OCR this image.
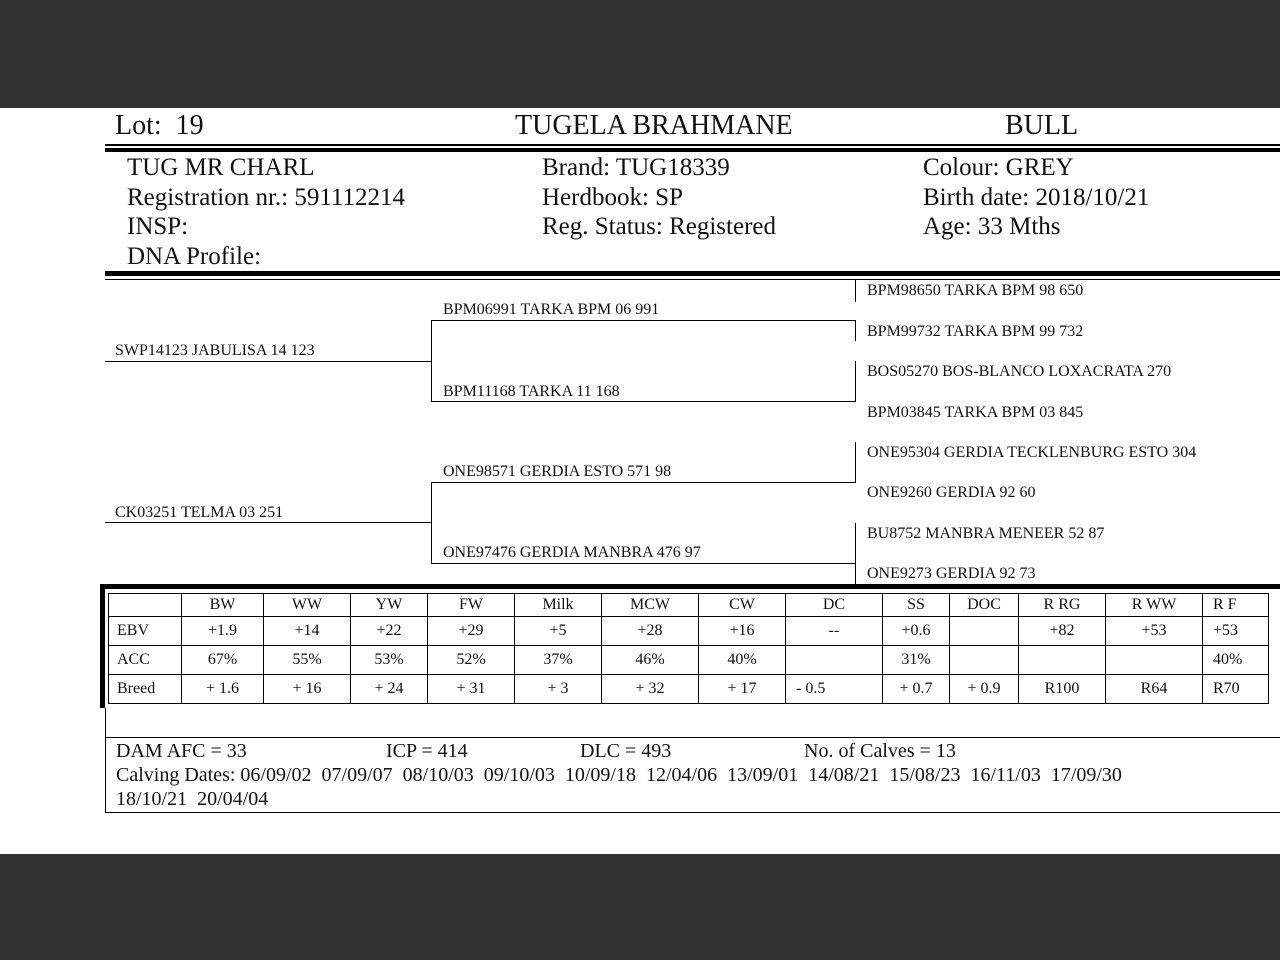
Lot: 19	TUGELA BRAHMANE	BULL
TUG MR CHARL
Registration nr.: 591112214
INSP:
DNA Profile:
Brand: TUG18339
Herdbook: SP
Reg. Status: Registered
Colour: GREY
Birth date: 2018/10/21
Age: 33 Mths
SWP14123 JABULISA 14 123
CK03251 TELMA 03 251
BPM06991 TARKA BPM 06 991
BPM11168 TARKA 11 168
ONE98571 GERDIA ESTO 571 98
ONE97476 GERDIA MANBRA 476 97
BPM98650 TARKA BPM 98 650
BPM99732 TARKA BPM 99 732
BOS05270 BOS-BLANCO LOXACRATA 270
BPM03845 TARKA BPM 03 845
ONE95304 GERDIA TECKLENBURG ESTO 304
ONE9260 GERDIA 92 60
BU8752 MANBRA MENEER 52 87
ONE9273 GERDIA 92 73
	BW	WW	YW	FW	Milk	MCW	CW	DC	SS	DOC	R RG	R WW	R F
EBV	+1.9	+14	+22	+29	+5	+28	+16	--	+0.6		+82	+53	+53
ACC	67%	55%	53%	52%	37%	46%	40%		31%				40%
Breed	+ 1.6	+ 16	+ 24	+ 31	+ 3	+ 32	+ 17	- 0.5	+ 0.7	+ 0.9	R100	R64	R70
DAM AFC = 33	ICP = 414	DLC = 493	No. of Calves = 13
Calving Dates: 06/09/02  07/09/07  08/10/03  09/10/03  10/09/18  12/04/06  13/09/01  14/08/21  15/08/23  16/11/03  17/09/30
18/10/21  20/04/04
